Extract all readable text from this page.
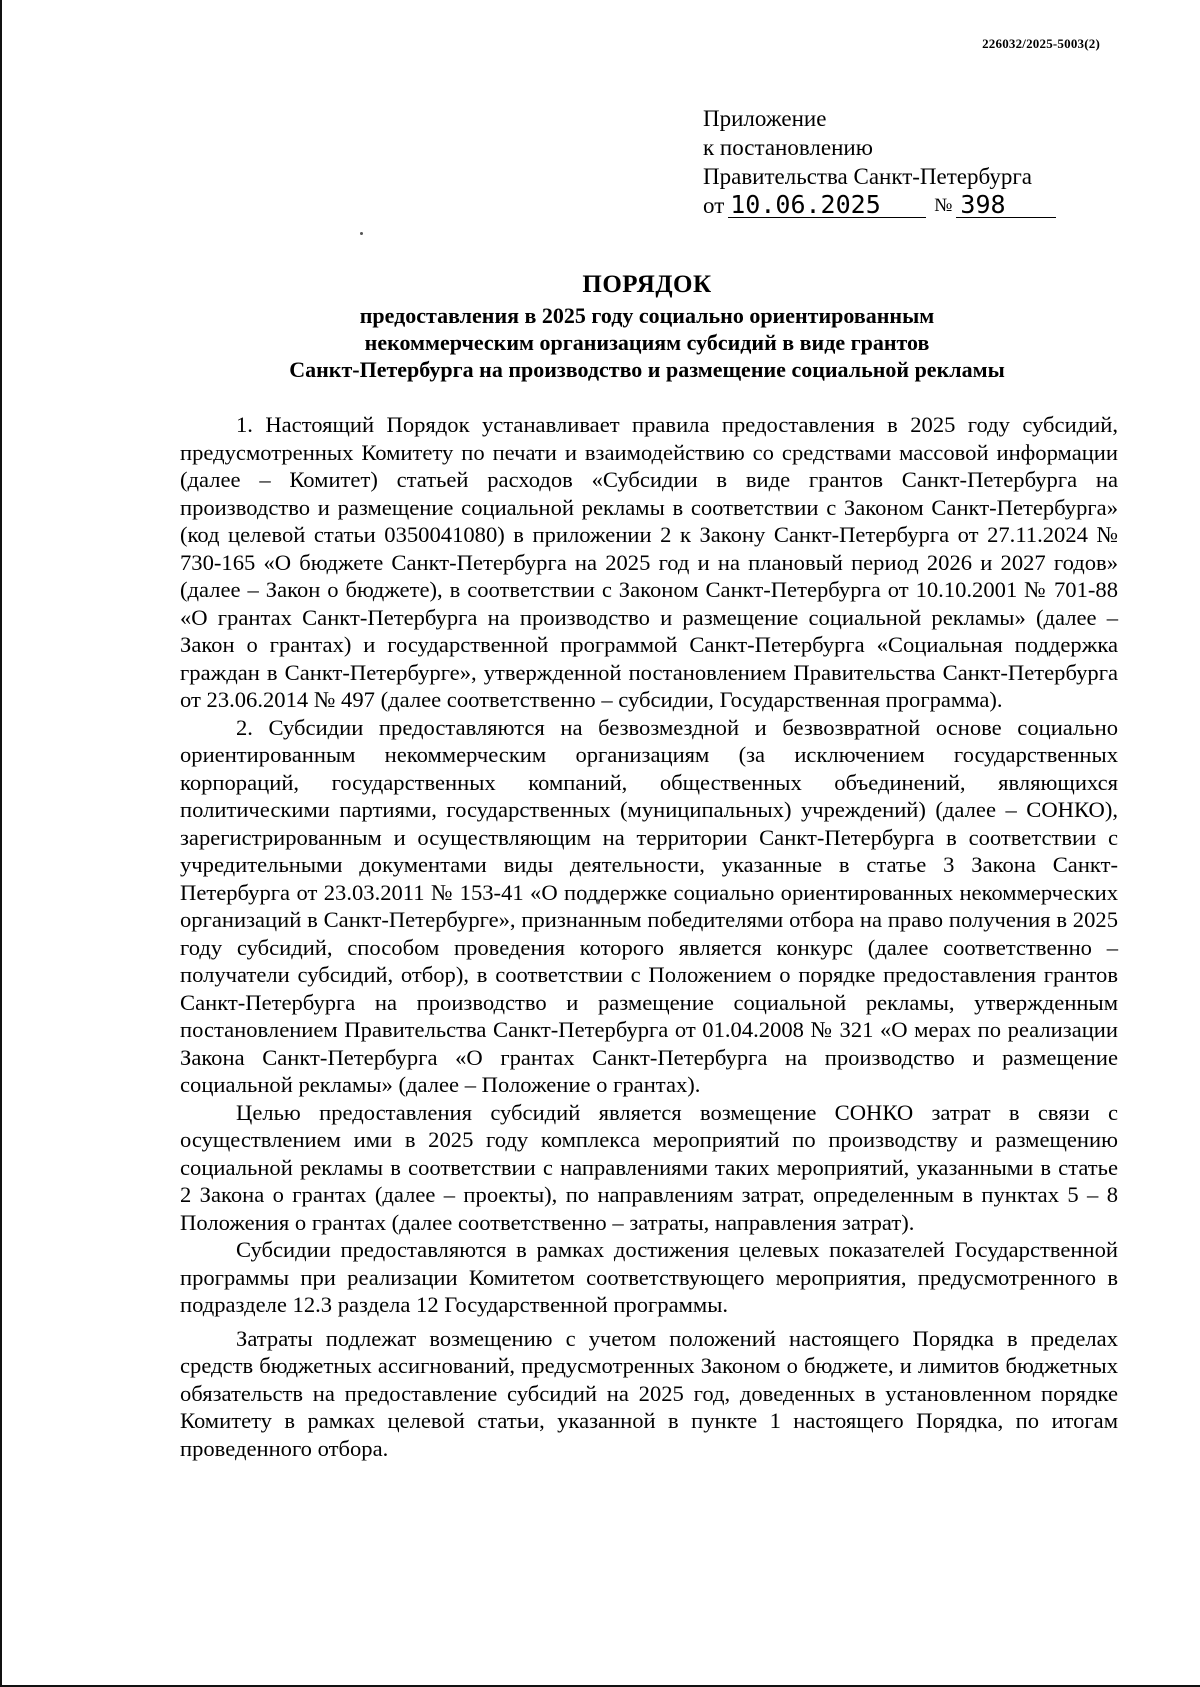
226032/2025-5003(2)
Приложение
к постановлению
Правительства Санкт-Петербурга
от 10.06.2025	№ 398
ПОРЯДОК
предоставления в 2025 году социально ориентированным
некоммерческим организациям субсидий в виде грантов
Санкт-Петербурга на производство и размещение социальной рекламы

1. Настоящий Порядок устанавливает правила предоставления в 2025 году субсидий, предусмотренных Комитету по печати и взаимодействию со средствами массовой информации (далее – Комитет) статьей расходов «Субсидии в виде грантов Санкт-Петербурга на производство и размещение социальной рекламы в соответствии с Законом Санкт-Петербурга» (код целевой статьи 0350041080) в приложении 2 к Закону Санкт-Петербурга от 27.11.2024 № 730-165 «О бюджете Санкт-Петербурга на 2025 год и на плановый период 2026 и 2027 годов» (далее – Закон о бюджете), в соответствии с Законом Санкт-Петербурга от 10.10.2001 № 701-88 «О грантах Санкт-Петербурга на производство и размещение социальной рекламы» (далее – Закон о грантах) и государственной программой Санкт-Петербурга «Социальная поддержка граждан в Санкт-Петербурге», утвержденной постановлением Правительства Санкт-Петербурга от 23.06.2014 № 497 (далее соответственно – субсидии, Государственная программа).

2. Субсидии предоставляются на безвозмездной и безвозвратной основе социально ориентированным некоммерческим организациям (за исключением государственных корпораций, государственных компаний, общественных объединений, являющихся политическими партиями, государственных (муниципальных) учреждений) (далее – СОНКО), зарегистрированным и осуществляющим на территории Санкт-Петербурга в соответствии с учредительными документами виды деятельности, указанные в статье 3 Закона Санкт-Петербурга от 23.03.2011 № 153-41 «О поддержке социально ориентированных некоммерческих организаций в Санкт-Петербурге», признанным победителями отбора на право получения в 2025 году субсидий, способом проведения которого является конкурс (далее соответственно – получатели субсидий, отбор), в соответствии с Положением о порядке предоставления грантов Санкт-Петербурга на производство и размещение социальной рекламы, утвержденным постановлением Правительства Санкт-Петербурга от 01.04.2008 № 321 «О мерах по реализации Закона Санкт-Петербурга «О грантах Санкт-Петербурга на производство и размещение социальной рекламы» (далее – Положение о грантах).

Целью предоставления субсидий является возмещение СОНКО затрат в связи с осуществлением ими в 2025 году комплекса мероприятий по производству и размещению социальной рекламы в соответствии с направлениями таких мероприятий, указанными в статье 2 Закона о грантах (далее – проекты), по направлениям затрат, определенным в пунктах 5 – 8 Положения о грантах (далее соответственно – затраты, направления затрат).

Субсидии предоставляются в рамках достижения целевых показателей Государственной программы при реализации Комитетом соответствующего мероприятия, предусмотренного в подразделе 12.3 раздела 12 Государственной программы.

Затраты подлежат возмещению с учетом положений настоящего Порядка в пределах средств бюджетных ассигнований, предусмотренных Законом о бюджете, и лимитов бюджетных обязательств на предоставление субсидий на 2025 год, доведенных в установленном порядке Комитету в рамках целевой статьи, указанной в пункте 1 настоящего Порядка, по итогам проведенного отбора.
